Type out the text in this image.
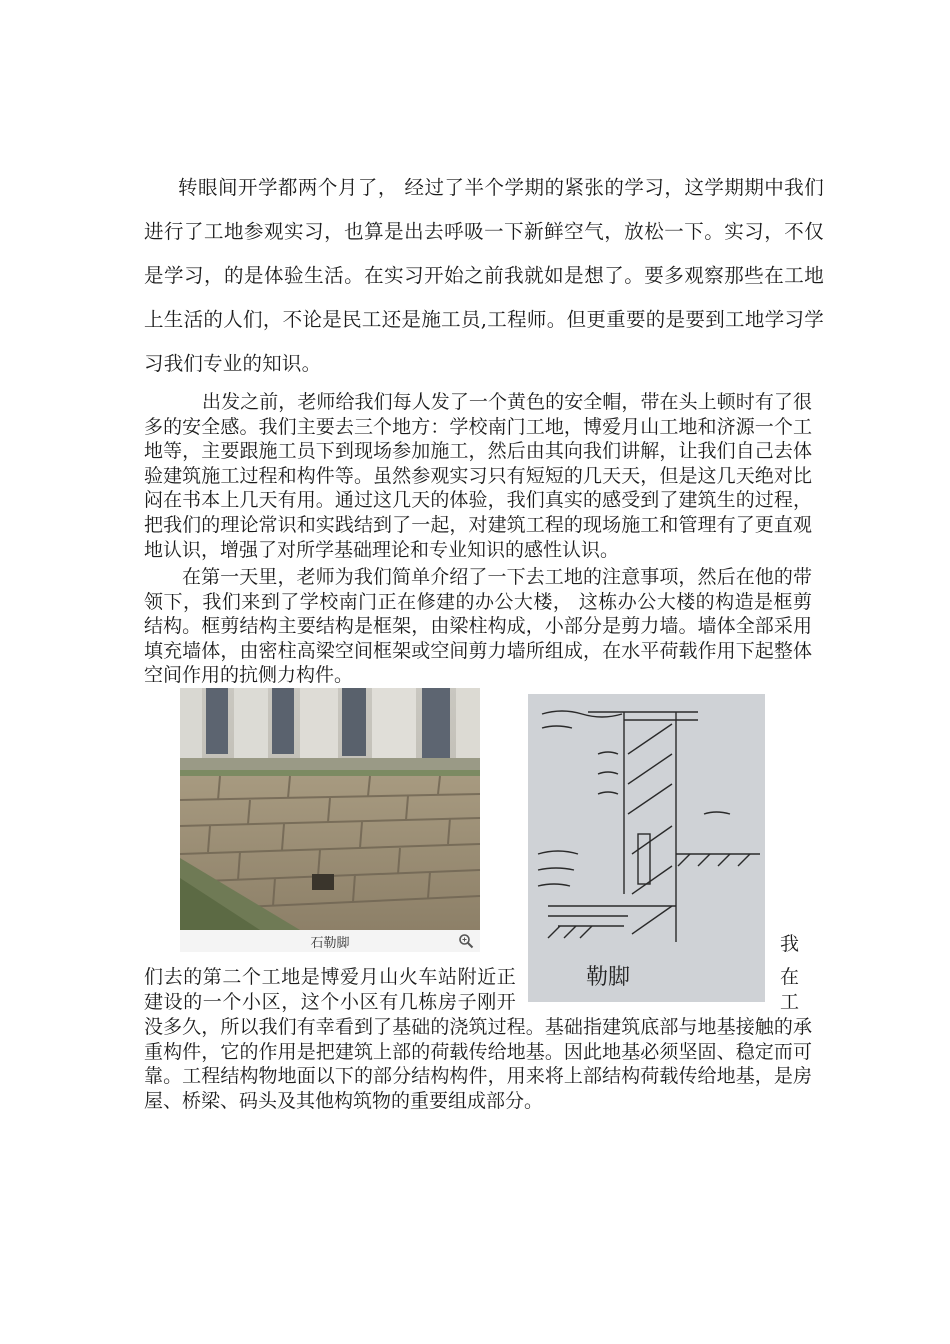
转眼间开学都两个月了， 经过了半个学期的紧张的学习，这学期期中我们进行了工地参观实习，也算是出去呼吸一下新鲜空气，放松一下。实习，不仅是学习，的是体验生活。在实习开始之前我就如是想了。要多观察那些在工地上生活的人们，不论是民工还是施工员,工程师。但更重要的是要到工地学习学习我们专业的知识。

出发之前，老师给我们每人发了一个黄色的安全帽，带在头上顿时有了很多的安全感。我们主要去三个地方：学校南门工地，博爱月山工地和济源一个工地等，主要跟施工员下到现场参加施工，然后由其向我们讲解，让我们自己去体验建筑施工过程和构件等。虽然参观实习只有短短的几天天，但是这几天绝对比闷在书本上几天有用。通过这几天的体验，我们真实的感受到了建筑生的过程，把我们的理论常识和实践结到了一起，对建筑工程的现场施工和管理有了更直观地认识，增强了对所学基础理论和专业知识的感性认识。

在第一天里，老师为我们简单介绍了一下去工地的注意事项，然后在他的带领下，我们来到了学校南门正在修建的办公大楼， 这栋办公大楼的构造是框剪结构。框剪结构主要结构是框架，由梁柱构成，小部分是剪力墙。墙体全部采用填充墙体，由密柱高梁空间框架或空间剪力墙所组成，在水平荷载作用下起整体空间作用的抗侧力构件。

石勒脚
勒脚

我

们去的第二个工地是博爱月山火车站附近正	在

建设的一个小区，这个小区有几栋房子刚开	工

没多久，所以我们有幸看到了基础的浇筑过程。基础指建筑底部与地基接触的承重构件，它的作用是把建筑上部的荷载传给地基。因此地基必须坚固、稳定而可靠。工程结构物地面以下的部分结构构件，用来将上部结构荷载传给地基，是房屋、桥梁、码头及其他构筑物的重要组成部分。
